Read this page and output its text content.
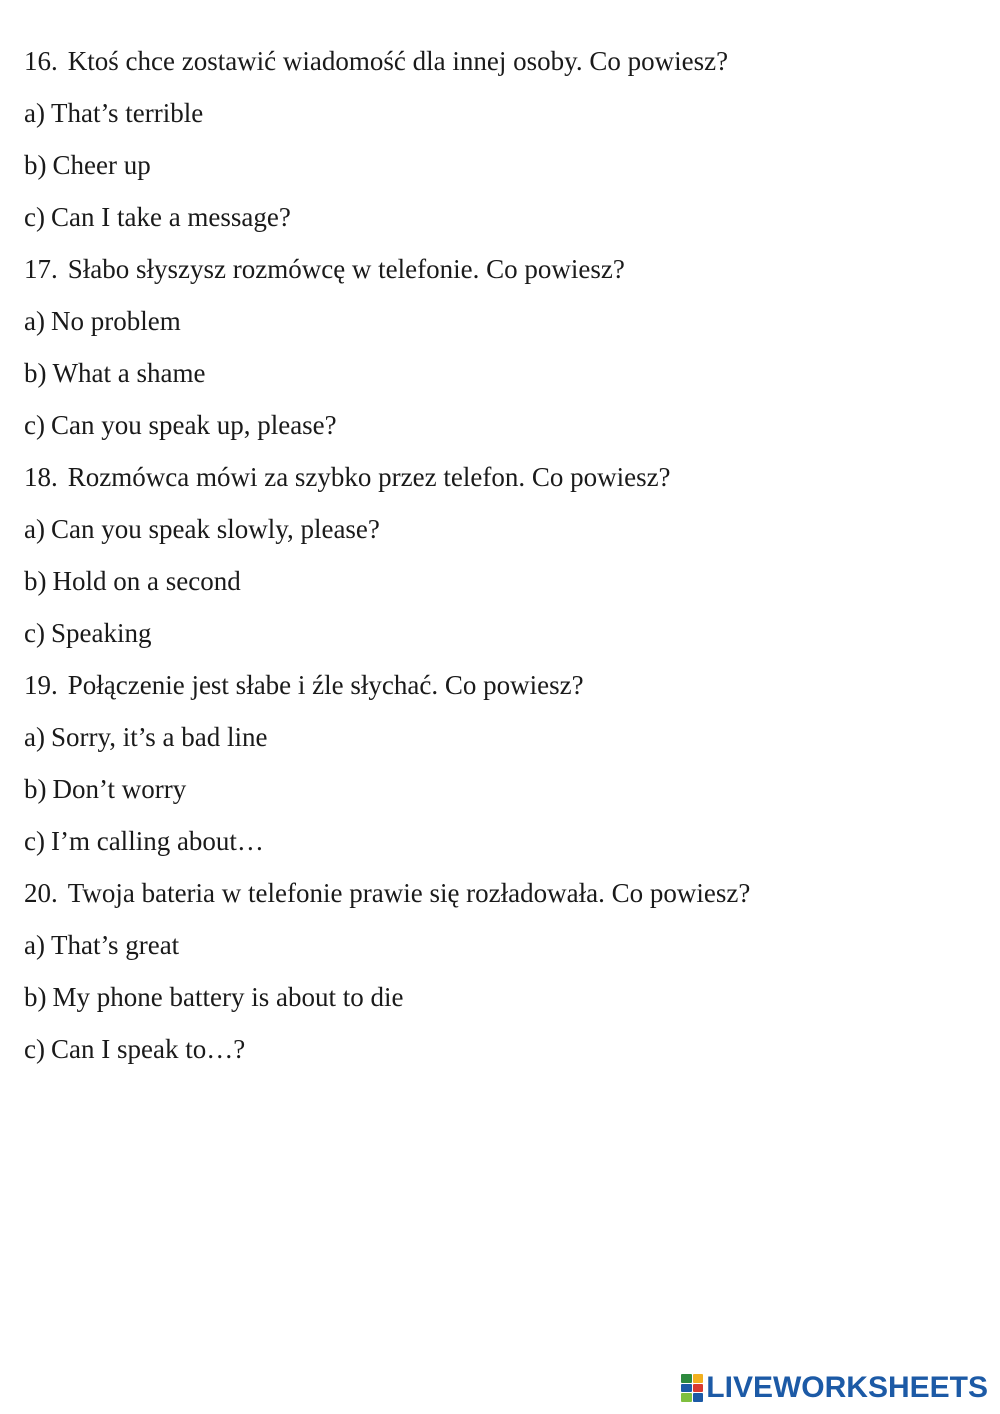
16. Ktoś chce zostawić wiadomość dla innej osoby. Co powiesz?
a) That’s terrible
b) Cheer up
c) Can I take a message?
17. Słabo słyszysz rozmówcę w telefonie. Co powiesz?
a) No problem
b) What a shame
c) Can you speak up, please?
18. Rozmówca mówi za szybko przez telefon. Co powiesz?
a) Can you speak slowly, please?
b) Hold on a second
c) Speaking
19. Połączenie jest słabe i źle słychać. Co powiesz?
a) Sorry, it’s a bad line
b) Don’t worry
c) I’m calling about…
20. Twoja bateria w telefonie prawie się rozładowała. Co powiesz?
a) That’s great
b) My phone battery is about to die
c) Can I speak to…?
LIVEWORKSHEETS
